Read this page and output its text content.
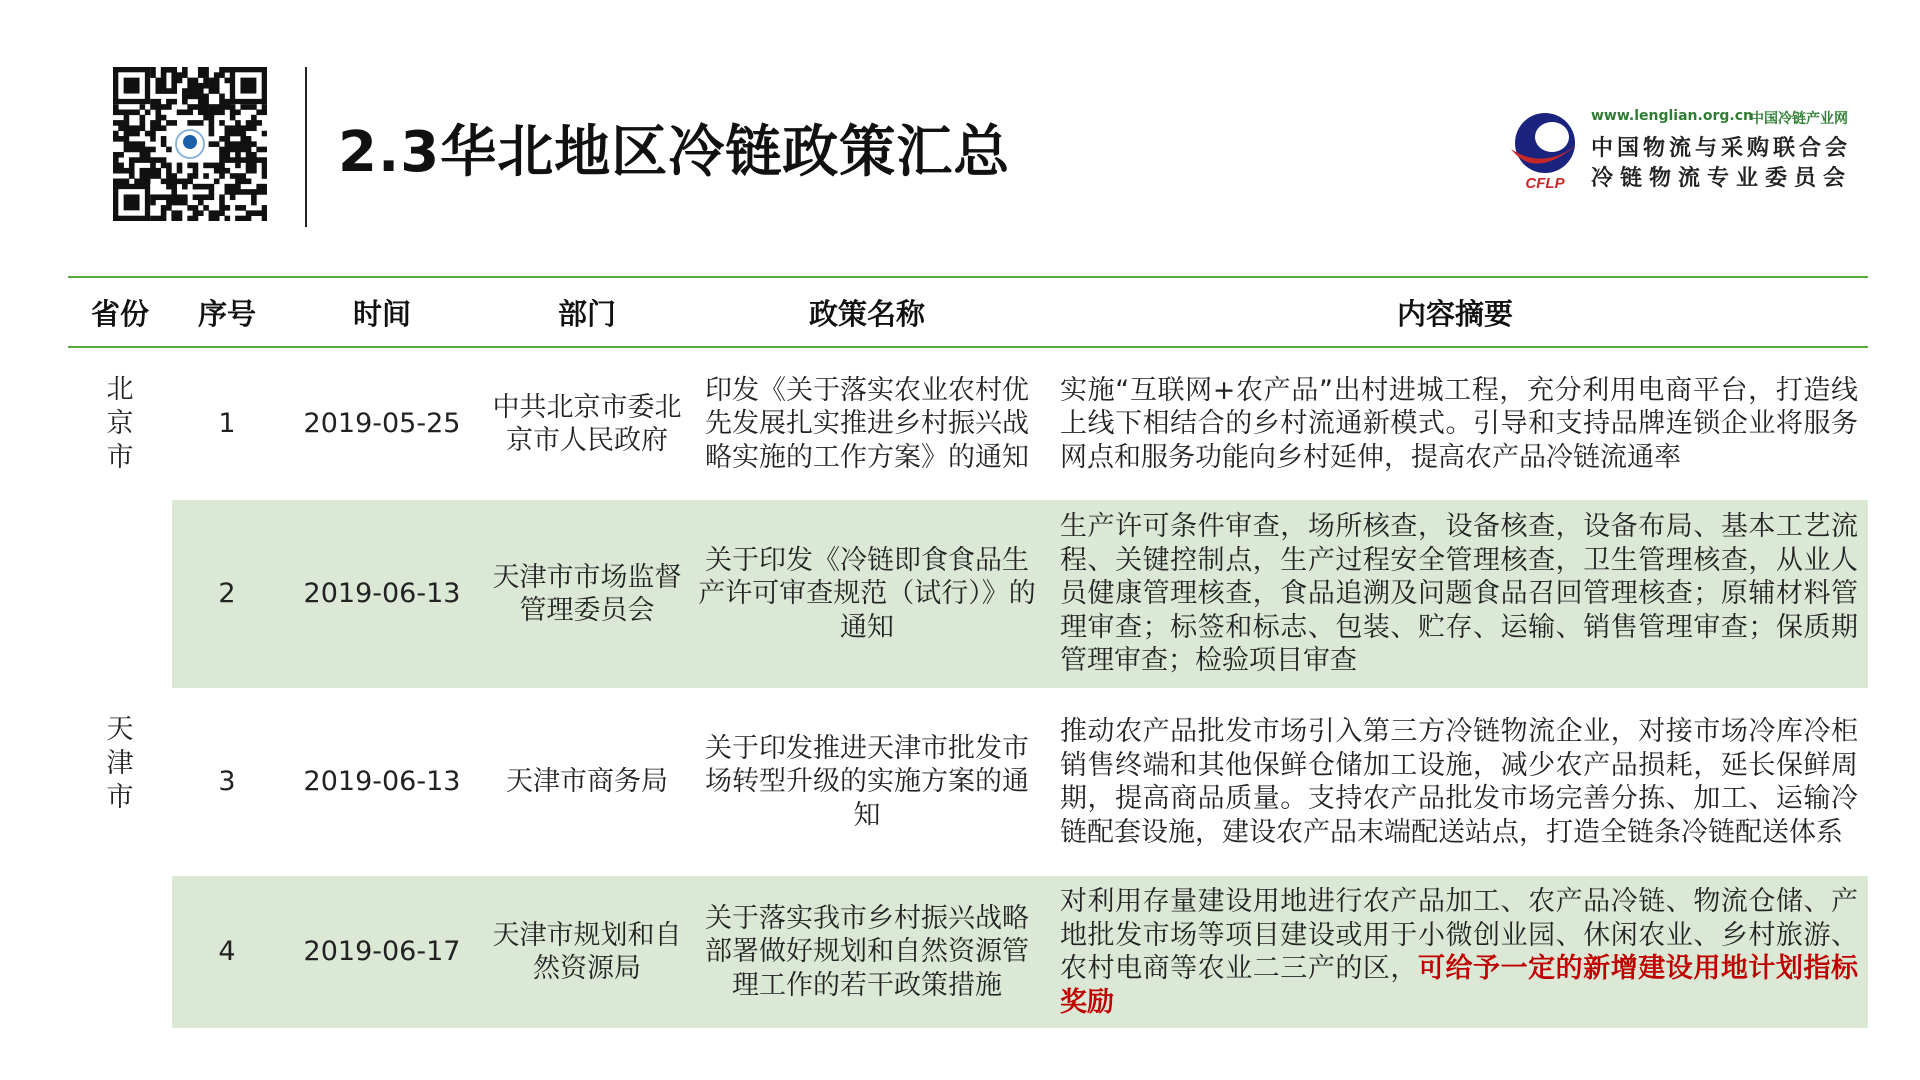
2.3华北地区冷链政策汇总	CFLP
www.lenglian.org.cn
中国冷链产业网
中国物流与采购联合会
冷链物流专业委员会
省份	序号	时间	部门	政策名称	内容摘要
北京市	1	2019-05-25	中共北京市委北京市人民政府	印发《关于落实农业农村优先发展扎实推进乡村振兴战略实施的工作方案》的通知	实施“互联网+农产品”出村进城工程，充分利用电商平台，打造线上线下相结合的乡村流通新模式。引导和支持品牌连锁企业将服务网点和服务功能向乡村延伸，提高农产品冷链流通率
天津市	2	2019-06-13	天津市市场监督管理委员会	关于印发《冷链即食食品生产许可审查规范（试行）》的通知	生产许可条件审查，场所核查，设备核查，设备布局、基本工艺流程、关键控制点，生产过程安全管理核查，卫生管理核查，从业人员健康管理核查，食品追溯及问题食品召回管理核查；原辅材料管理审查；标签和标志、包装、贮存、运输、销售管理审查；保质期管理审查；检验项目审查
	3	2019-06-13	天津市商务局	关于印发推进天津市批发市场转型升级的实施方案的通知	推动农产品批发市场引入第三方冷链物流企业，对接市场冷库冷柜销售终端和其他保鲜仓储加工设施，减少农产品损耗，延长保鲜周期，提高商品质量。支持农产品批发市场完善分拣、加工、运输冷链配套设施，建设农产品末端配送站点，打造全链条冷链配送体系
	4	2019-06-17	天津市规划和自然资源局	关于落实我市乡村振兴战略部署做好规划和自然资源管理工作的若干政策措施	对利用存量建设用地进行农产品加工、农产品冷链、物流仓储、产地批发市场等项目建设或用于小微创业园、休闲农业、乡村旅游、农村电商等农业二三产的区，可给予一定的新增建设用地计划指标奖励
